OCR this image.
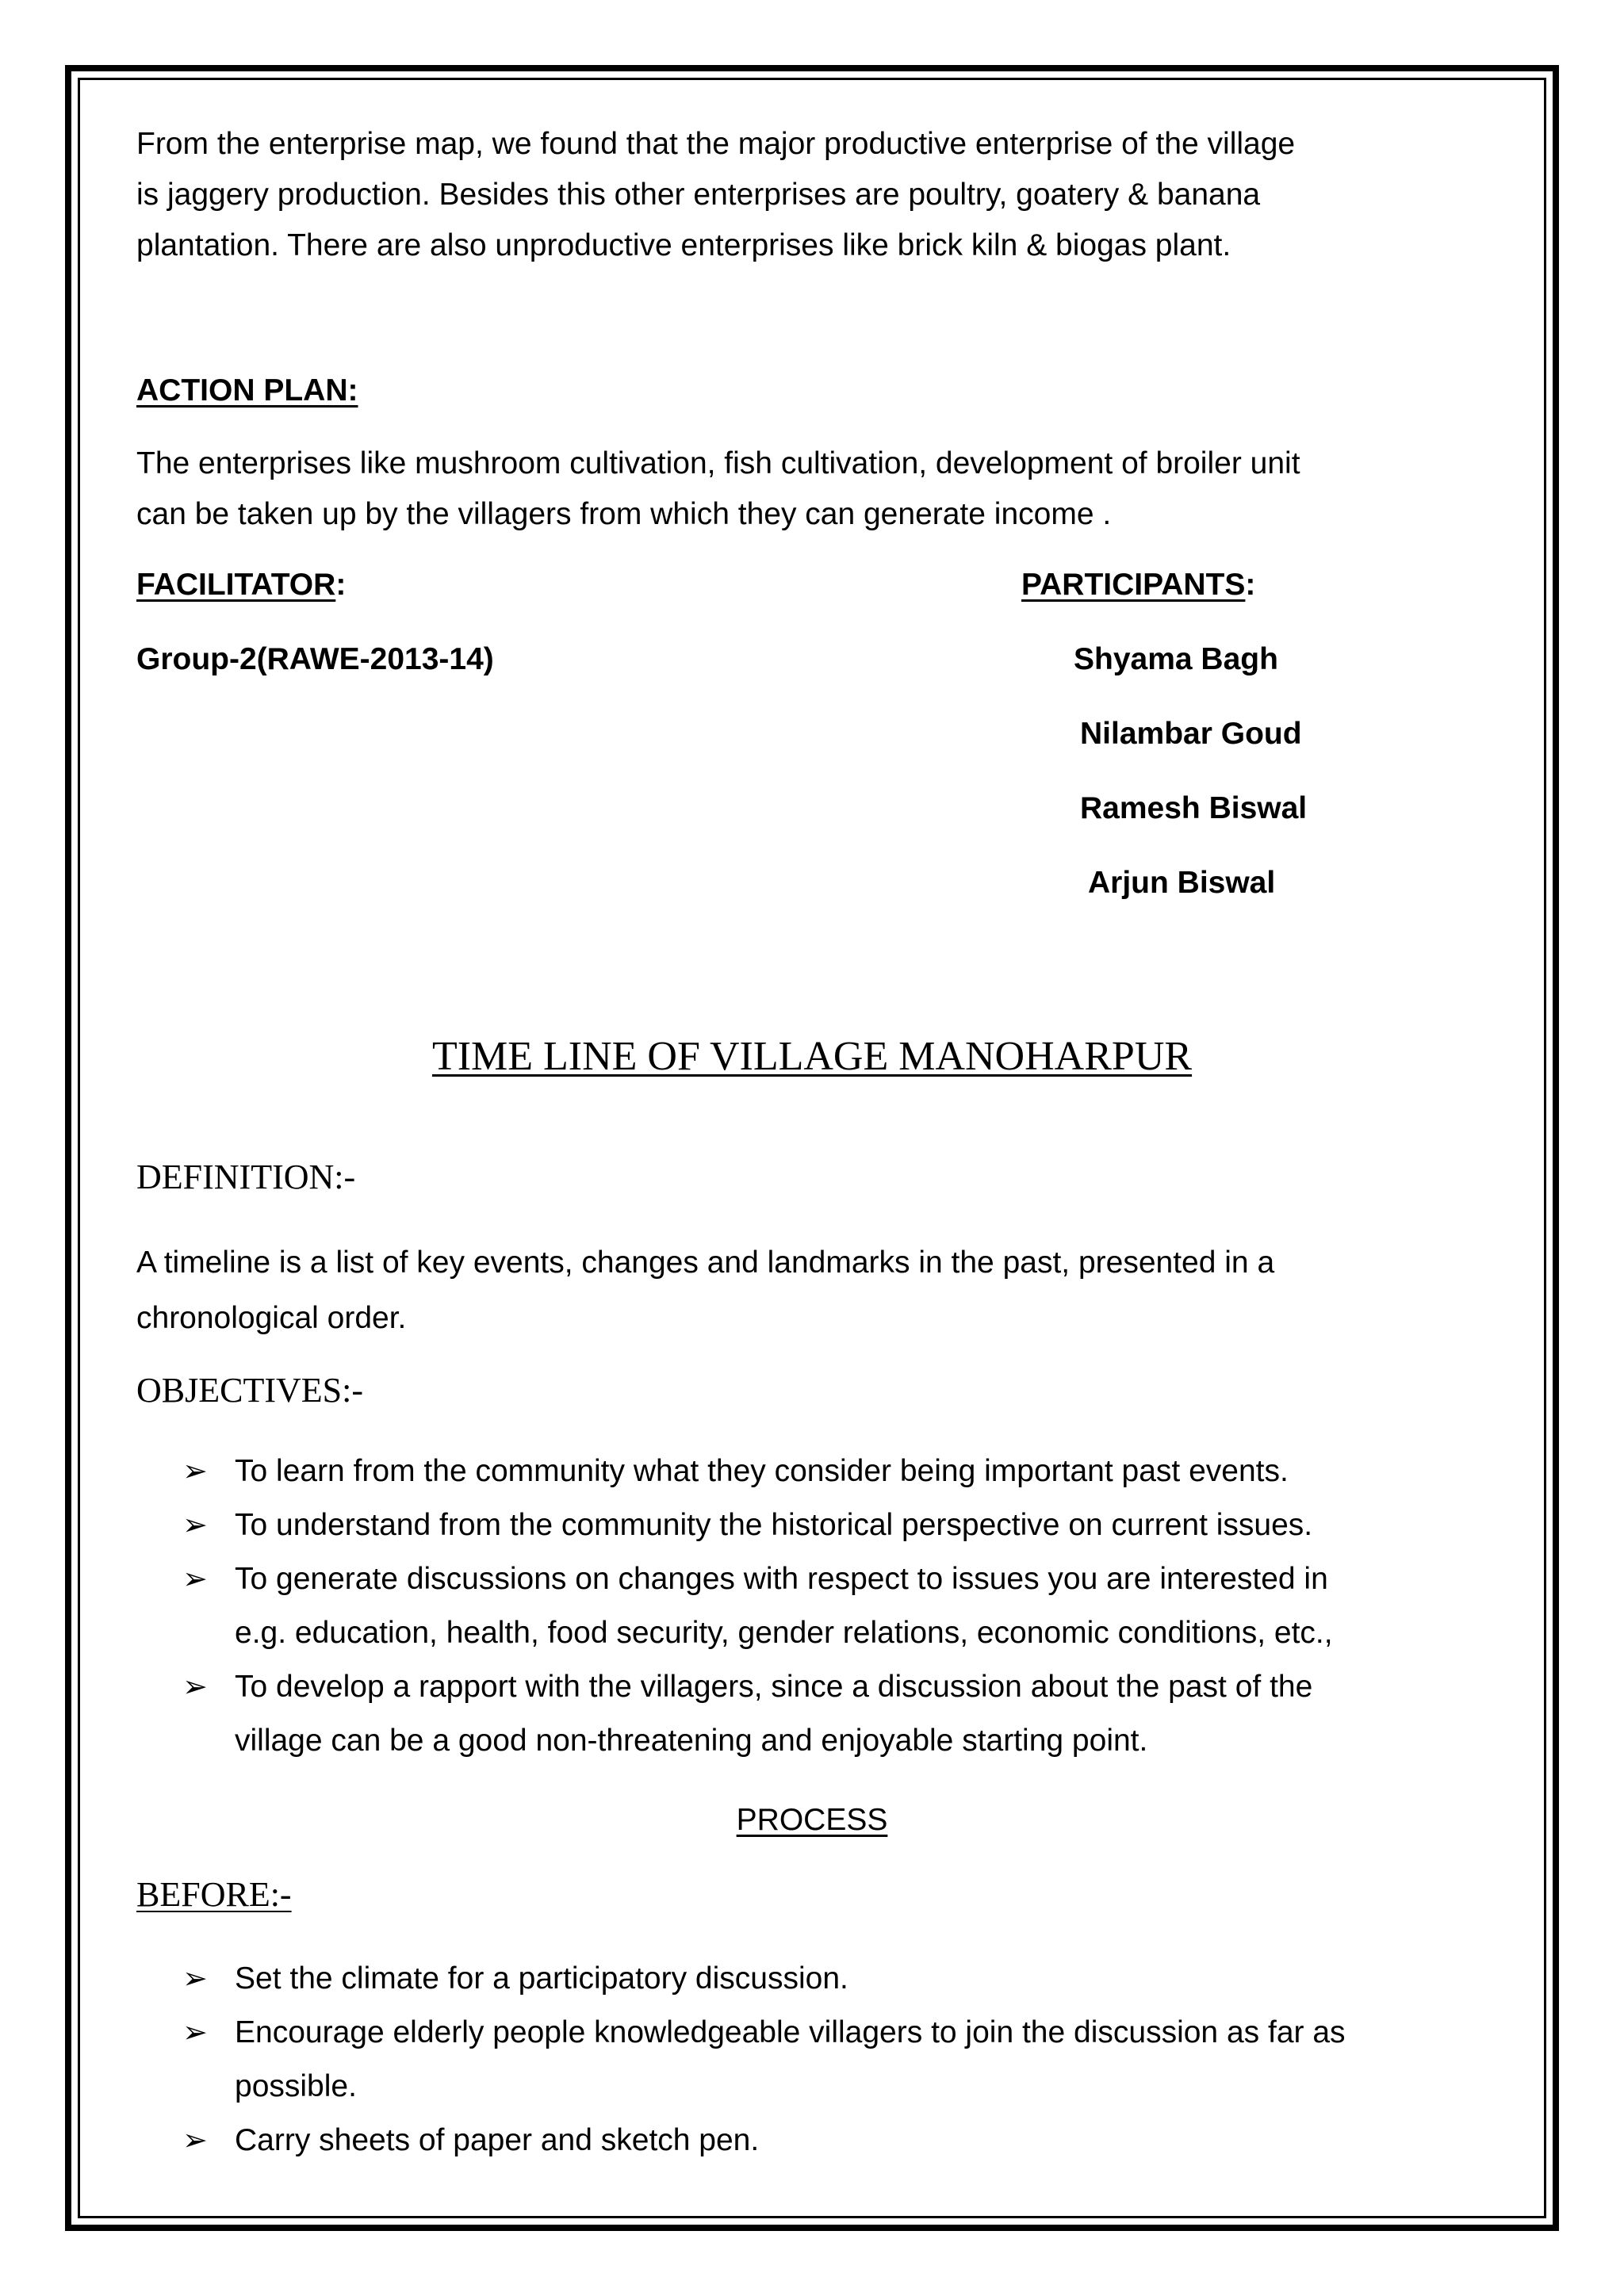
From the enterprise map, we found that the major productive enterprise of the village
is jaggery production. Besides this other enterprises are poultry, goatery & banana
plantation. There are also unproductive enterprises like brick kiln & biogas plant.
ACTION PLAN:
The enterprises like mushroom cultivation, fish cultivation, development of broiler unit
can be taken up by the villagers from which they can generate income .
FACILITATOR:	PARTICIPANTS:
Group-2(RAWE-2013-14)	Shyama Bagh
Nilambar Goud
Ramesh Biswal
Arjun Biswal
TIME LINE OF VILLAGE MANOHARPUR
DEFINITION:-
A timeline is a list of key events, changes and landmarks in the past, presented in a
chronological order.
OBJECTIVES:-
➢ To learn from the community what they consider being important past events.
➢ To understand from the community the historical perspective on current issues.
➢ To generate discussions on changes with respect to issues you are interested in
e.g. education, health, food security, gender relations, economic conditions, etc.,
➢ To develop a rapport with the villagers, since a discussion about the past of the
village can be a good non-threatening and enjoyable starting point.
PROCESS
BEFORE:-
➢ Set the climate for a participatory discussion.
➢ Encourage elderly people knowledgeable villagers to join the discussion as far as
possible.
➢ Carry sheets of paper and sketch pen.
